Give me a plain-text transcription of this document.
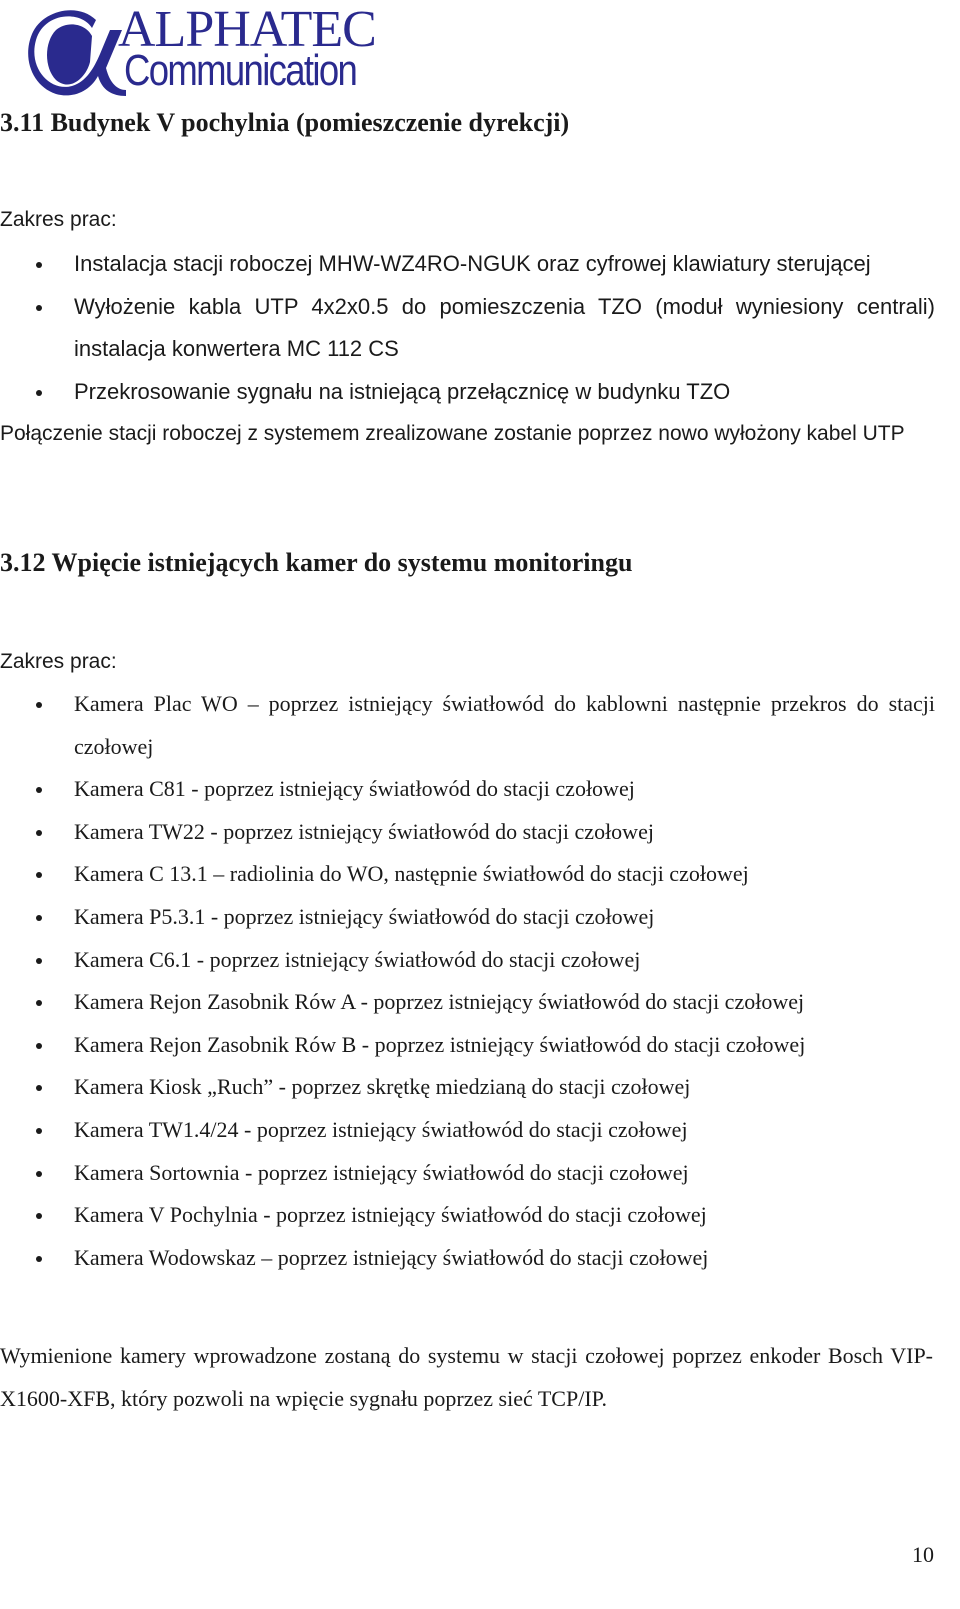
ALPHATEC
Communication
3.11 Budynek V pochylnia (pomieszczenie dyrekcji)
Zakres prac:
Instalacja stacji roboczej MHW-WZ4RO-NGUK oraz cyfrowej klawiatury sterującej
Wyłożenie kabla UTP 4x2x0.5 do pomieszczenia TZO (moduł wyniesiony centrali) instalacja konwertera MC 112 CS
Przekrosowanie sygnału na istniejącą przełącznicę w budynku TZO

Połączenie stacji roboczej z systemem zrealizowane zostanie poprzez nowo wyłożony kabel UTP

3.12 Wpięcie istniejących kamer do systemu monitoringu
Zakres prac:
Kamera Plac WO – poprzez istniejący światłowód do kablowni następnie przekros do stacji czołowej
Kamera C81 - poprzez istniejący światłowód do stacji czołowej
Kamera TW22 - poprzez istniejący światłowód do stacji czołowej
Kamera C 13.1 – radiolinia do WO, następnie światłowód do stacji czołowej
Kamera P5.3.1 - poprzez istniejący światłowód do stacji czołowej
Kamera C6.1 - poprzez istniejący światłowód do stacji czołowej
Kamera Rejon Zasobnik Rów A - poprzez istniejący światłowód do stacji czołowej
Kamera Rejon Zasobnik Rów B - poprzez istniejący światłowód do stacji czołowej
Kamera Kiosk „Ruch” - poprzez skrętkę miedzianą do stacji czołowej
Kamera TW1.4/24 - poprzez istniejący światłowód do stacji czołowej
Kamera Sortownia - poprzez istniejący światłowód do stacji czołowej
Kamera V Pochylnia - poprzez istniejący światłowód do stacji czołowej
Kamera Wodowskaz – poprzez istniejący światłowód do stacji czołowej

Wymienione kamery wprowadzone zostaną do systemu w stacji czołowej poprzez enkoder Bosch VIP-X1600-XFB, który pozwoli na wpięcie sygnału poprzez sieć TCP/IP.

10
